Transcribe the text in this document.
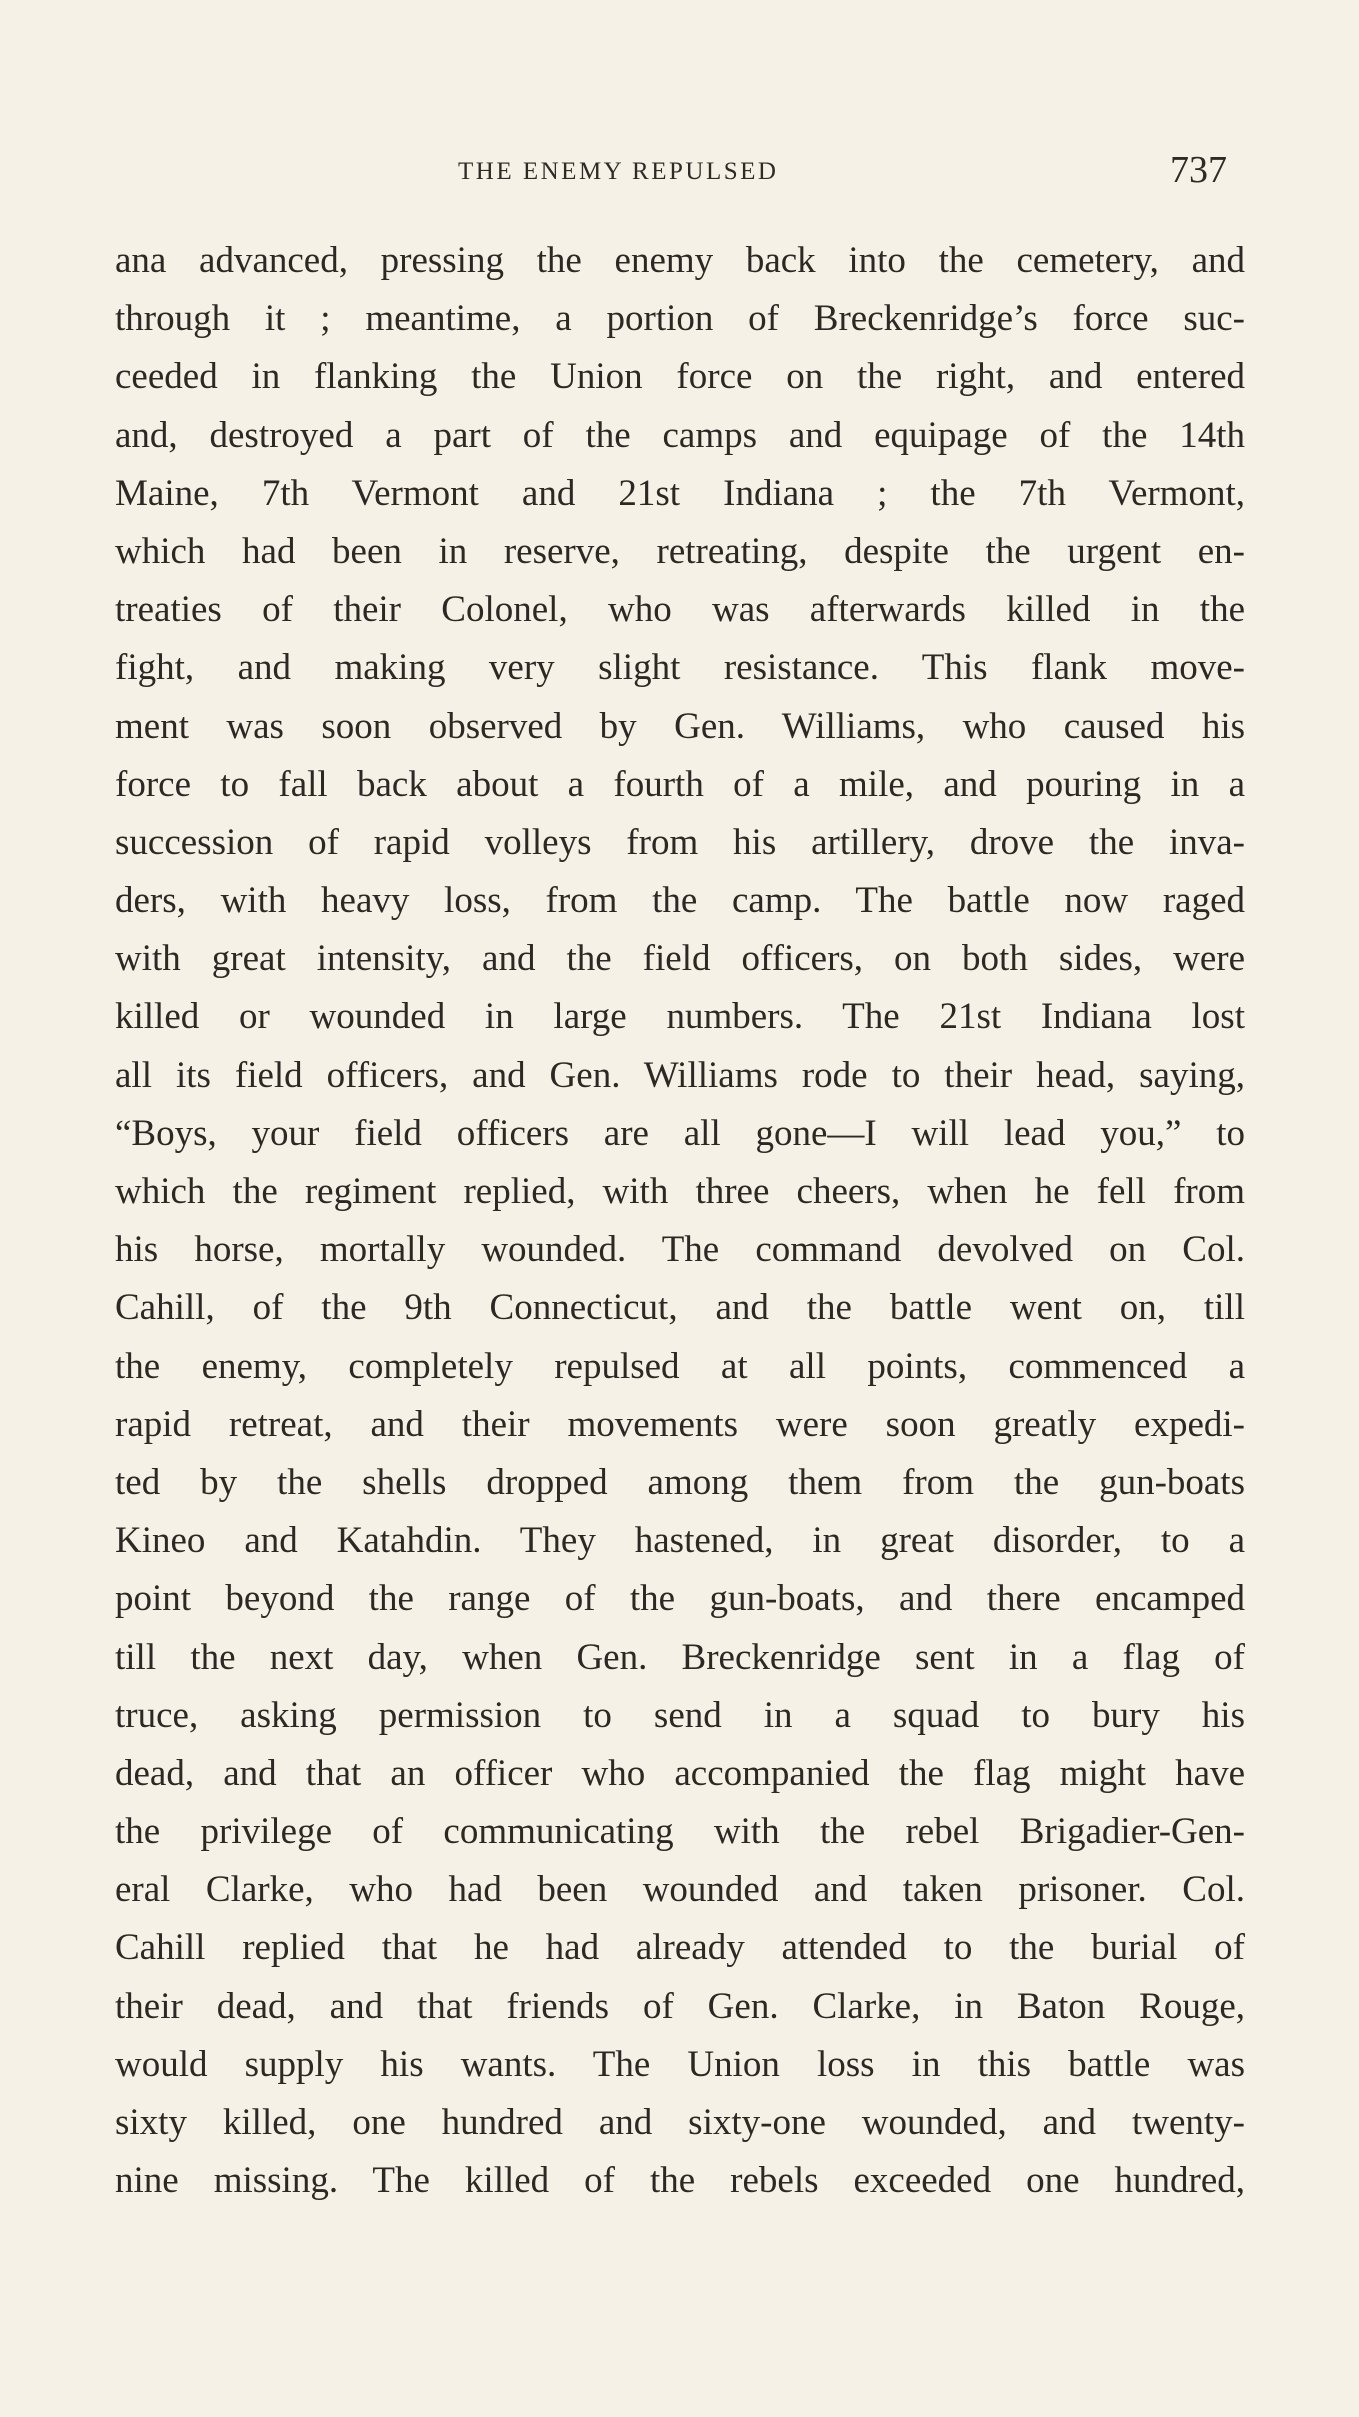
THE ENEMY REPULSED	737
ana advanced, pressing the enemy back into the cemetery, and
through it ; meantime, a portion of Breckenridge’s force suc-
ceeded in flanking the Union force on the right, and entered
and, destroyed a part of the camps and equipage of the 14th
Maine, 7th Vermont and 21st Indiana ; the 7th Vermont,
which had been in reserve, retreating, despite the urgent en-
treaties of their Colonel, who was afterwards killed in the
fight, and making very slight resistance. This flank move-
ment was soon observed by Gen. Williams, who caused his
force to fall back about a fourth of a mile, and pouring in a
succession of rapid volleys from his artillery, drove the inva-
ders, with heavy loss, from the camp. The battle now raged
with great intensity, and the field officers, on both sides, were
killed or wounded in large numbers. The 21st Indiana lost
all its field officers, and Gen. Williams rode to their head, saying,
“Boys, your field officers are all gone—I will lead you,” to
which the regiment replied, with three cheers, when he fell from
his horse, mortally wounded. The command devolved on Col.
Cahill, of the 9th Connecticut, and the battle went on, till
the enemy, completely repulsed at all points, commenced a
rapid retreat, and their movements were soon greatly expedi-
ted by the shells dropped among them from the gun-boats
Kineo and Katahdin. They hastened, in great disorder, to a
point beyond the range of the gun-boats, and there encamped
till the next day, when Gen. Breckenridge sent in a flag of
truce, asking permission to send in a squad to bury his
dead, and that an officer who accompanied the flag might have
the privilege of communicating with the rebel Brigadier-Gen-
eral Clarke, who had been wounded and taken prisoner. Col.
Cahill replied that he had already attended to the burial of
their dead, and that friends of Gen. Clarke, in Baton Rouge,
would supply his wants. The Union loss in this battle was
sixty killed, one hundred and sixty-one wounded, and twenty-
nine missing. The killed of the rebels exceeded one hundred,
